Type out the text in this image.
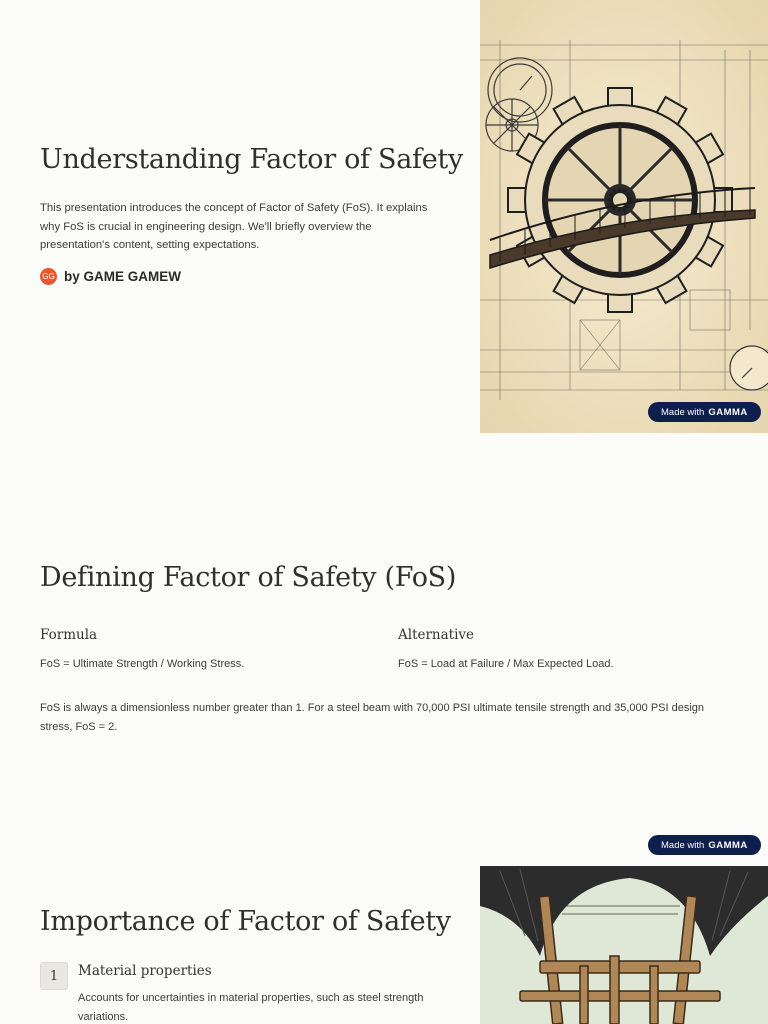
Understanding Factor of Safety

This presentation introduces the concept of Factor of Safety (FoS). It explains why FoS is crucial in engineering design. We'll briefly overview the presentation's content, setting expectations.

GG by GAME GAMEW
Made with GAMMA
Defining Factor of Safety (FoS)
Formula

FoS = Ultimate Strength / Working Stress.

Alternative

FoS = Load at Failure / Max Expected Load.

FoS is always a dimensionless number greater than 1. For a steel beam with 70,000 PSI ultimate tensile strength and 35,000 PSI design stress, FoS = 2.

Made with GAMMA
Importance of Factor of Safety
1	Material properties

Accounts for uncertainties in material properties, such as steel strength variations.
